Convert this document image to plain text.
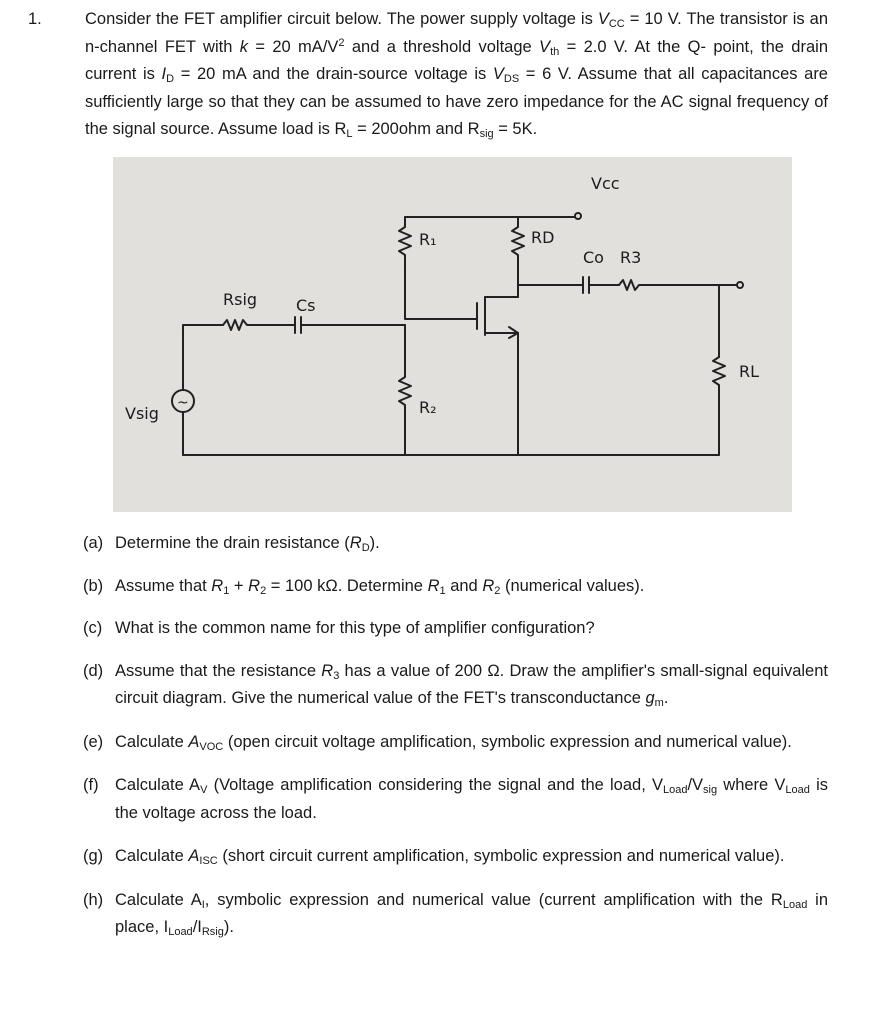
1.	Consider the FET amplifier circuit below. The power supply voltage is $V_{CC} = 10$ V. The transistor is an n-channel FET with k = 20 $mA/V^2$ and a threshold voltage $V_{th} = 2.0$ V. At the Q- point, the drain current is $I_D = 20$ mA and the drain-source voltage is $V_{DS} = 6$ V. Assume that all capacitances are sufficiently large so that they can be assumed to have zero impedance for the AC signal frequency of the signal source. Assume load is $R_L = 200ohm$ and $R_{sig} = 5K$.

Vcc
R₁	RD
Co R3
Rsig Cs
RL
Vsig	R₂
~

(a) Determine the drain resistance $(R_D)$.

(b) Assume that $R_1 + R_2 = 100$ kΩ. Determine $R_1$ and $R_2$ (numerical values).

(c) What is the common name for this type of amplifier configuration?

(d) Assume that the resistance $R_3$ has a value of 200 Ω. Draw the amplifier's small-signal equivalent circuit diagram. Give the numerical value of the FET's transconductance $g_m$.

(e) Calculate $A_{VOC}$ (open circuit voltage amplification, symbolic expression and numerical value).

(f) Calculate $A_V$ (Voltage amplification considering the signal and the load, $V_{Load}/V_{sig}$ where $V_{Load}$ is the voltage across the load.

(g) Calculate $A_{ISC}$ (short circuit current amplification, symbolic expression and numerical value).

(h) Calculate $A_I$, symbolic expression and numerical value (current amplification with the $R_{Load}$ in place, $I_{Load}/I_{Rsig}$).
